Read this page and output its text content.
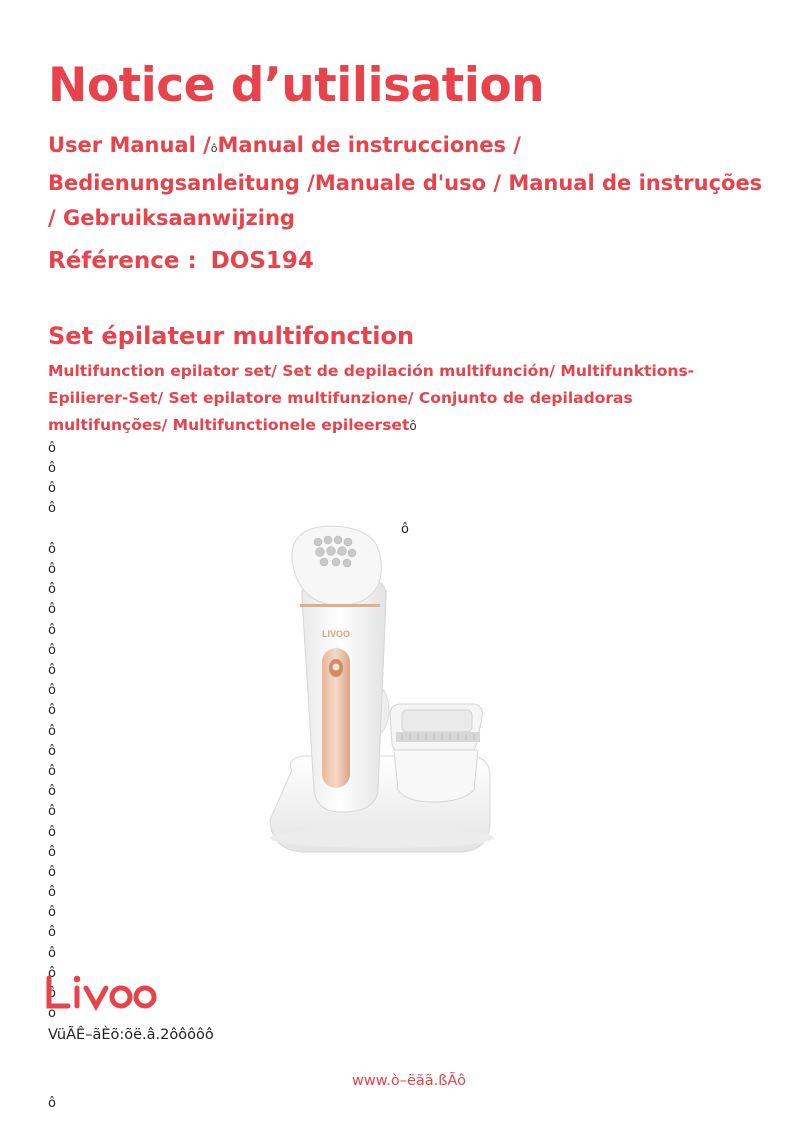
Notice d’utilisation
User Manual /ôManual de instrucciones / Bedienungsanleitung /Manuale d'uso / Manual de instruções / Gebruiksaanwijzing
Référence : DOS194
Set épilateur multifonction
Multifunction epilator set/ Set de depilación multifunción/ Multifunktions-Epilierer-Set/ Set epilatore multifunzione/ Conjunto de depiladoras multifunções/ Multifunctionele epileersetô
ô
ô
ô
ô
ô
ô
ô
ô
ô
ô
ô
ô
ô
ô
ô
ô
ô
ô
ô
ô
ô
ô
ô
ô
ô
ô
ô
ô
ô
ô
LIVOO
VüÃÊ–ãÈõ:õë.â.2ôôôôô
www.ò–ëãã.ßÃô
